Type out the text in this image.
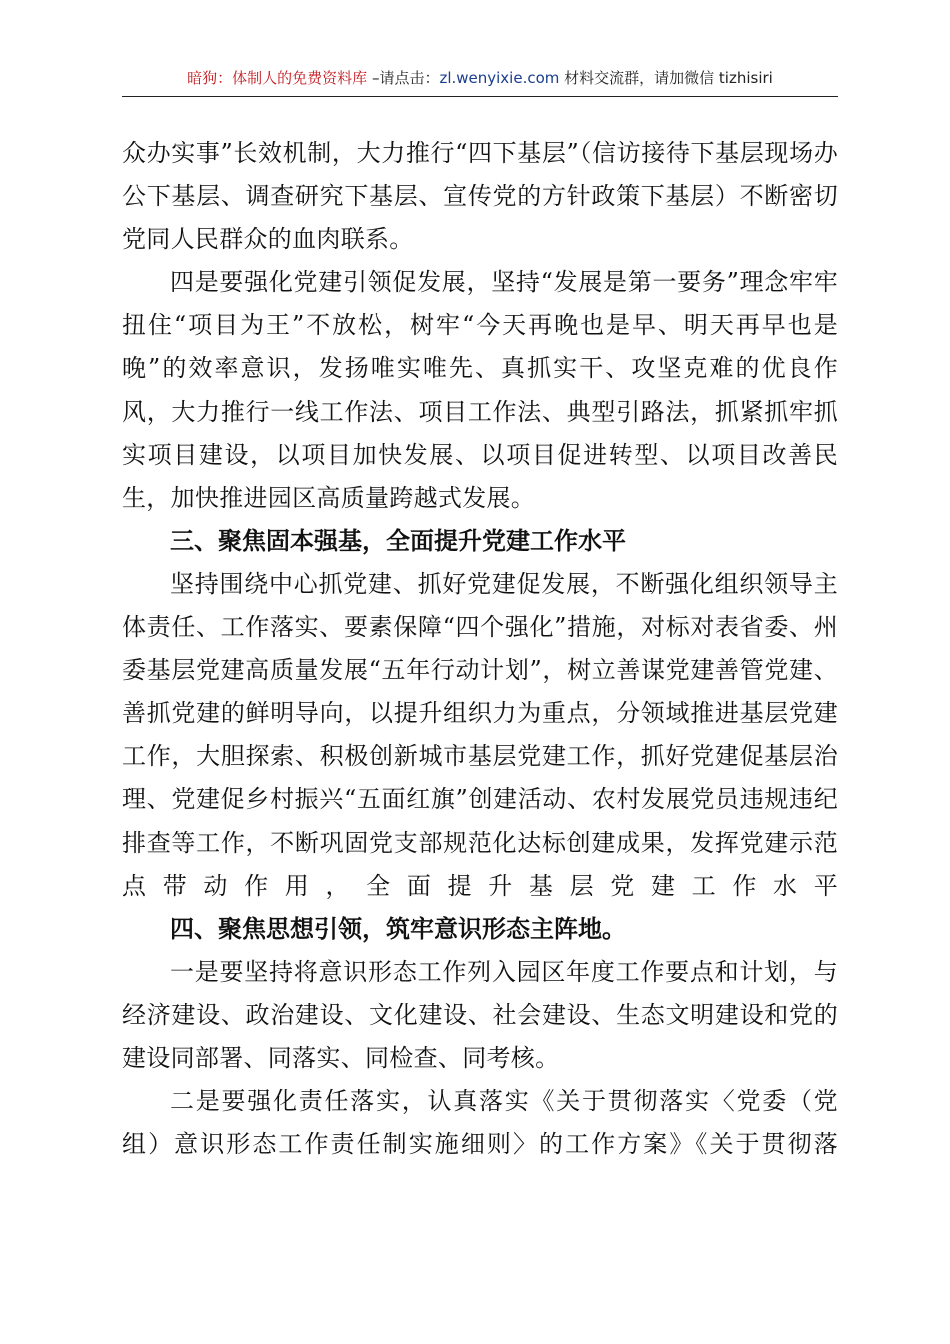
暗狗：体制人的免费资料库 –请点击：zl.wenyixie.com 材料交流群，请加微信 tizhisiri

众办实事”长效机制，大力推行“四下基层”（信访接待下基层现场办公下基层、调查研究下基层、宣传党的方针政策下基层）不断密切党同人民群众的血肉联系。

四是要强化党建引领促发展，坚持“发展是第一要务”理念牢牢扭住“项目为王”不放松，树牢“今天再晚也是早、明天再早也是晚”的效率意识，发扬唯实唯先、真抓实干、攻坚克难的优良作风，大力推行一线工作法、项目工作法、典型引路法，抓紧抓牢抓实项目建设，以项目加快发展、以项目促进转型、以项目改善民生，加快推进园区高质量跨越式发展。

三、聚焦固本强基，全面提升党建工作水平

坚持围绕中心抓党建、抓好党建促发展，不断强化组织领导主体责任、工作落实、要素保障“四个强化”措施，对标对表省委、州委基层党建高质量发展“五年行动计划”，树立善谋党建善管党建、善抓党建的鲜明导向，以提升组织力为重点，分领域推进基层党建工作，大胆探索、积极创新城市基层党建工作，抓好党建促基层治理、党建促乡村振兴“五面红旗”创建活动、农村发展党员违规违纪排查等工作，不断巩固党支部规范化达标创建成果，发挥党建示范点带动作用，全面提升基层党建工作水平

四、聚焦思想引领，筑牢意识形态主阵地。

一是要坚持将意识形态工作列入园区年度工作要点和计划，与经济建设、政治建设、文化建设、社会建设、生态文明建设和党的建设同部署、同落实、同检查、同考核。

二是要强化责任落实，认真落实《关于贯彻落实〈党委（党组）意识形态工作责任制实施细则〉的工作方案》《关于贯彻落
